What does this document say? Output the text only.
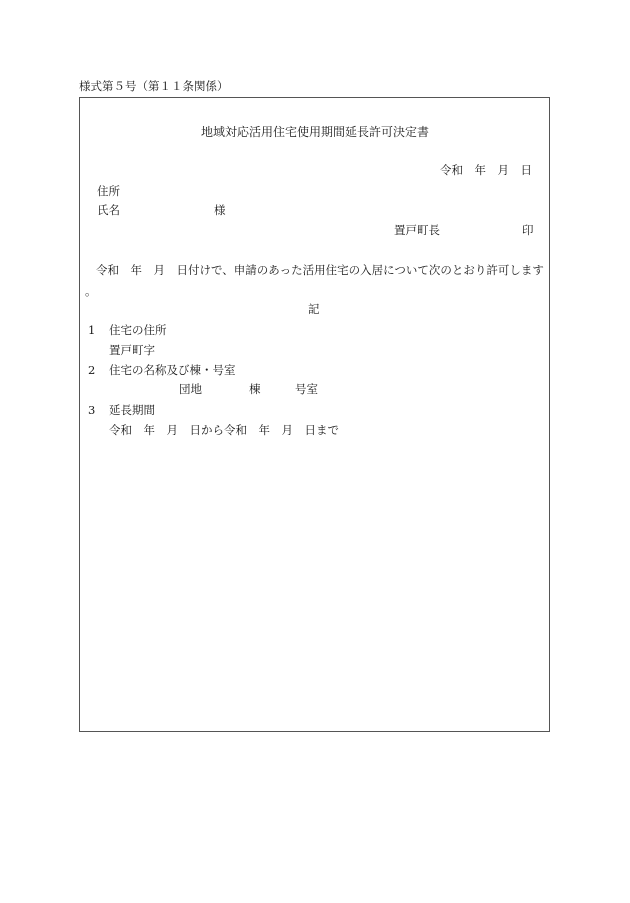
様式第５号（第１１条関係）
地域対応活用住宅使用期間延長許可決定書
令和　年　月　日
住所
氏名	様
置戸町長	印
令和　年　月　日付けで、申請のあった活用住宅の入居について次のとおり許可します。
記
1 住宅の住所
置戸町字
2 住宅の名称及び棟・号室
団地	棟	号室
3 延長期間
令和　年　月　日から令和　年　月　日まで
